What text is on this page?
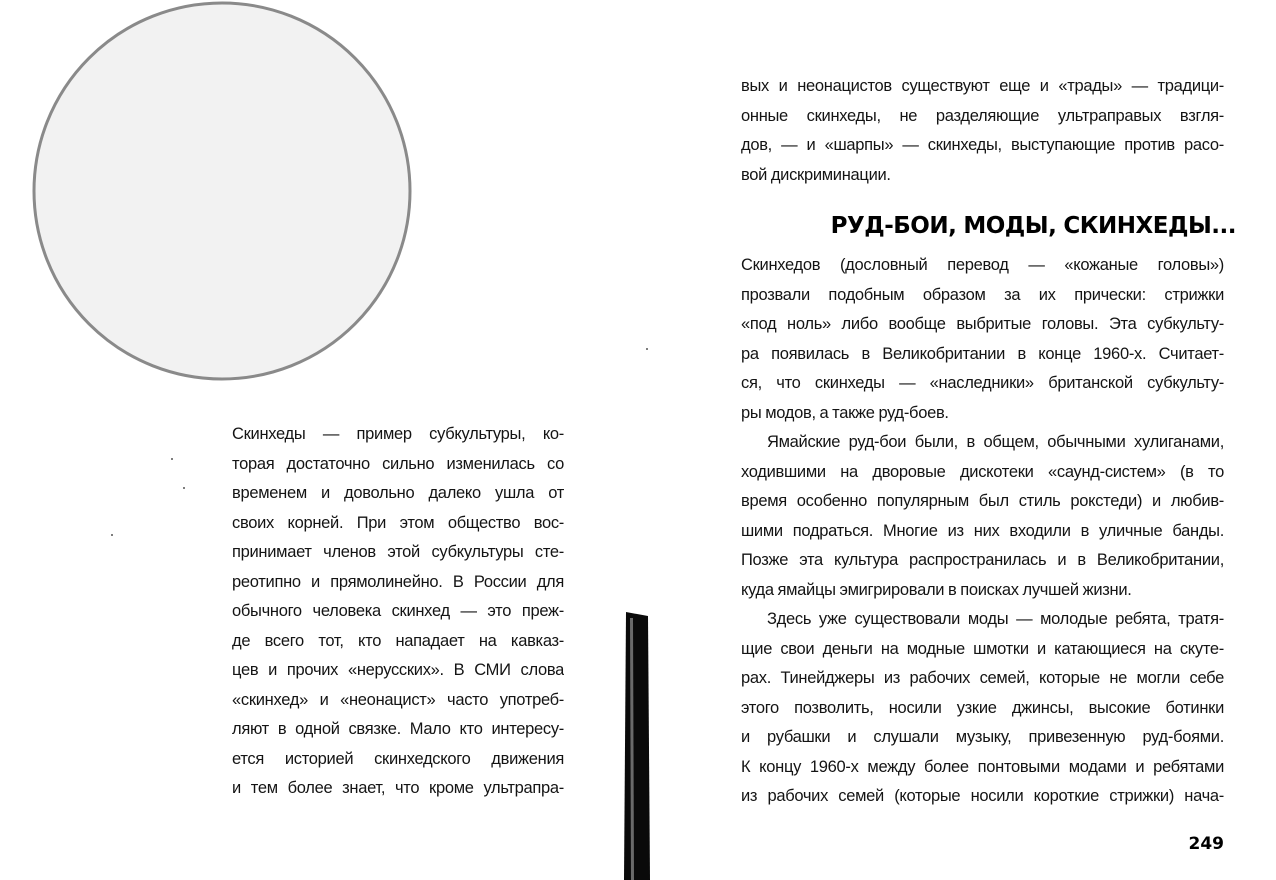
Скинхеды — пример субкультуры, ко-
торая достаточно сильно изменилась со
временем и довольно далеко ушла от
своих корней. При этом общество вос-
принимает членов этой субкультуры сте-
реотипно и прямолинейно. В России для
обычного человека скинхед — это преж-
де всего тот, кто нападает на кавказ-
цев и прочих «нерусских». В СМИ слова
«скинхед» и «неонацист» часто употреб-
ляют в одной связке. Мало кто интересу-
ется историей скинхедского движения
и тем более знает, что кроме ультрапра-
вых и неонацистов существуют еще и «трады» — традици-
онные скинхеды, не разделяющие ультраправых взгля-
дов, — и «шарпы» — скинхеды, выступающие против расо-
вой дискриминации.
РУД-БОИ, МОДЫ, СКИНХЕДЫ...
Скинхедов (дословный перевод — «кожаные головы»)
прозвали подобным образом за их прически: стрижки
«под ноль» либо вообще выбритые головы. Эта субкульту-
ра появилась в Великобритании в конце 1960-х. Считает-
ся, что скинхеды — «наследники» британской субкульту-
ры модов, а также руд-боев.
Ямайские руд-бои были, в общем, обычными хулиганами,
ходившими на дворовые дискотеки «саунд-систем» (в то
время особенно популярным был стиль рокстеди) и любив-
шими подраться. Многие из них входили в уличные банды.
Позже эта культура распространилась и в Великобритании,
куда ямайцы эмигрировали в поисках лучшей жизни.
Здесь уже существовали моды — молодые ребята, тратя-
щие свои деньги на модные шмотки и катающиеся на скуте-
рах. Тинейджеры из рабочих семей, которые не могли себе
этого позволить, носили узкие джинсы, высокие ботинки
и рубашки и слушали музыку, привезенную руд-боями.
К концу 1960-х между более понтовыми модами и ребятами
из рабочих семей (которые носили короткие стрижки) нача-
249
